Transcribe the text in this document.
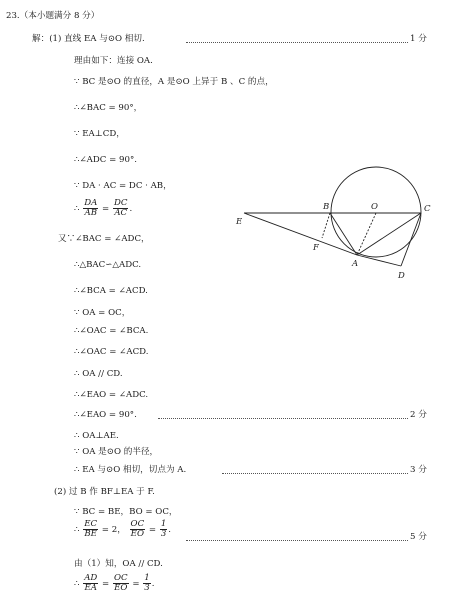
23.（本小题满分 8 分）
解：(1) 直线 EA 与⊙O 相切.	1 分
理由如下：连接 OA.
∵ BC 是⊙O 的直径，A 是⊙O 上异于 B 、C 的点，
∴∠BAC = 90°，
∵ EA⊥CD，
∴∠ADC = 90°.
∵ DA · AC = DC · AB，
∴ $\frac{DA}{AB} = \frac{DC}{AC}$ .
又∵∠BAC = ∠ADC，
∴△BAC∽△ADC.
∴∠BCA = ∠ACD.
∵ OA = OC，
∴∠OAC = ∠BCA.
∴∠OAC = ∠ACD.
∴ OA // CD.
∴∠EAO = ∠ADC.
∴∠EAO = 90°.	2 分
∴ OA⊥AE.
∵ OA 是⊙O 的半径，
∴ EA 与⊙O 相切，切点为 A.	3 分
(2) 过 B 作 BF⊥EA 于 F.
∵ BC = BE，BO = OC，
∴ $\frac{EC}{BE} = 2$， $\frac{OC}{EO} = \frac{1}{3}$ .
5 分
由（1）知，OA // CD.
∴ $\frac{AD}{EA} = \frac{OC}{EO} = \frac{1}{3}$ .
E
B	O	C
F
A
D
